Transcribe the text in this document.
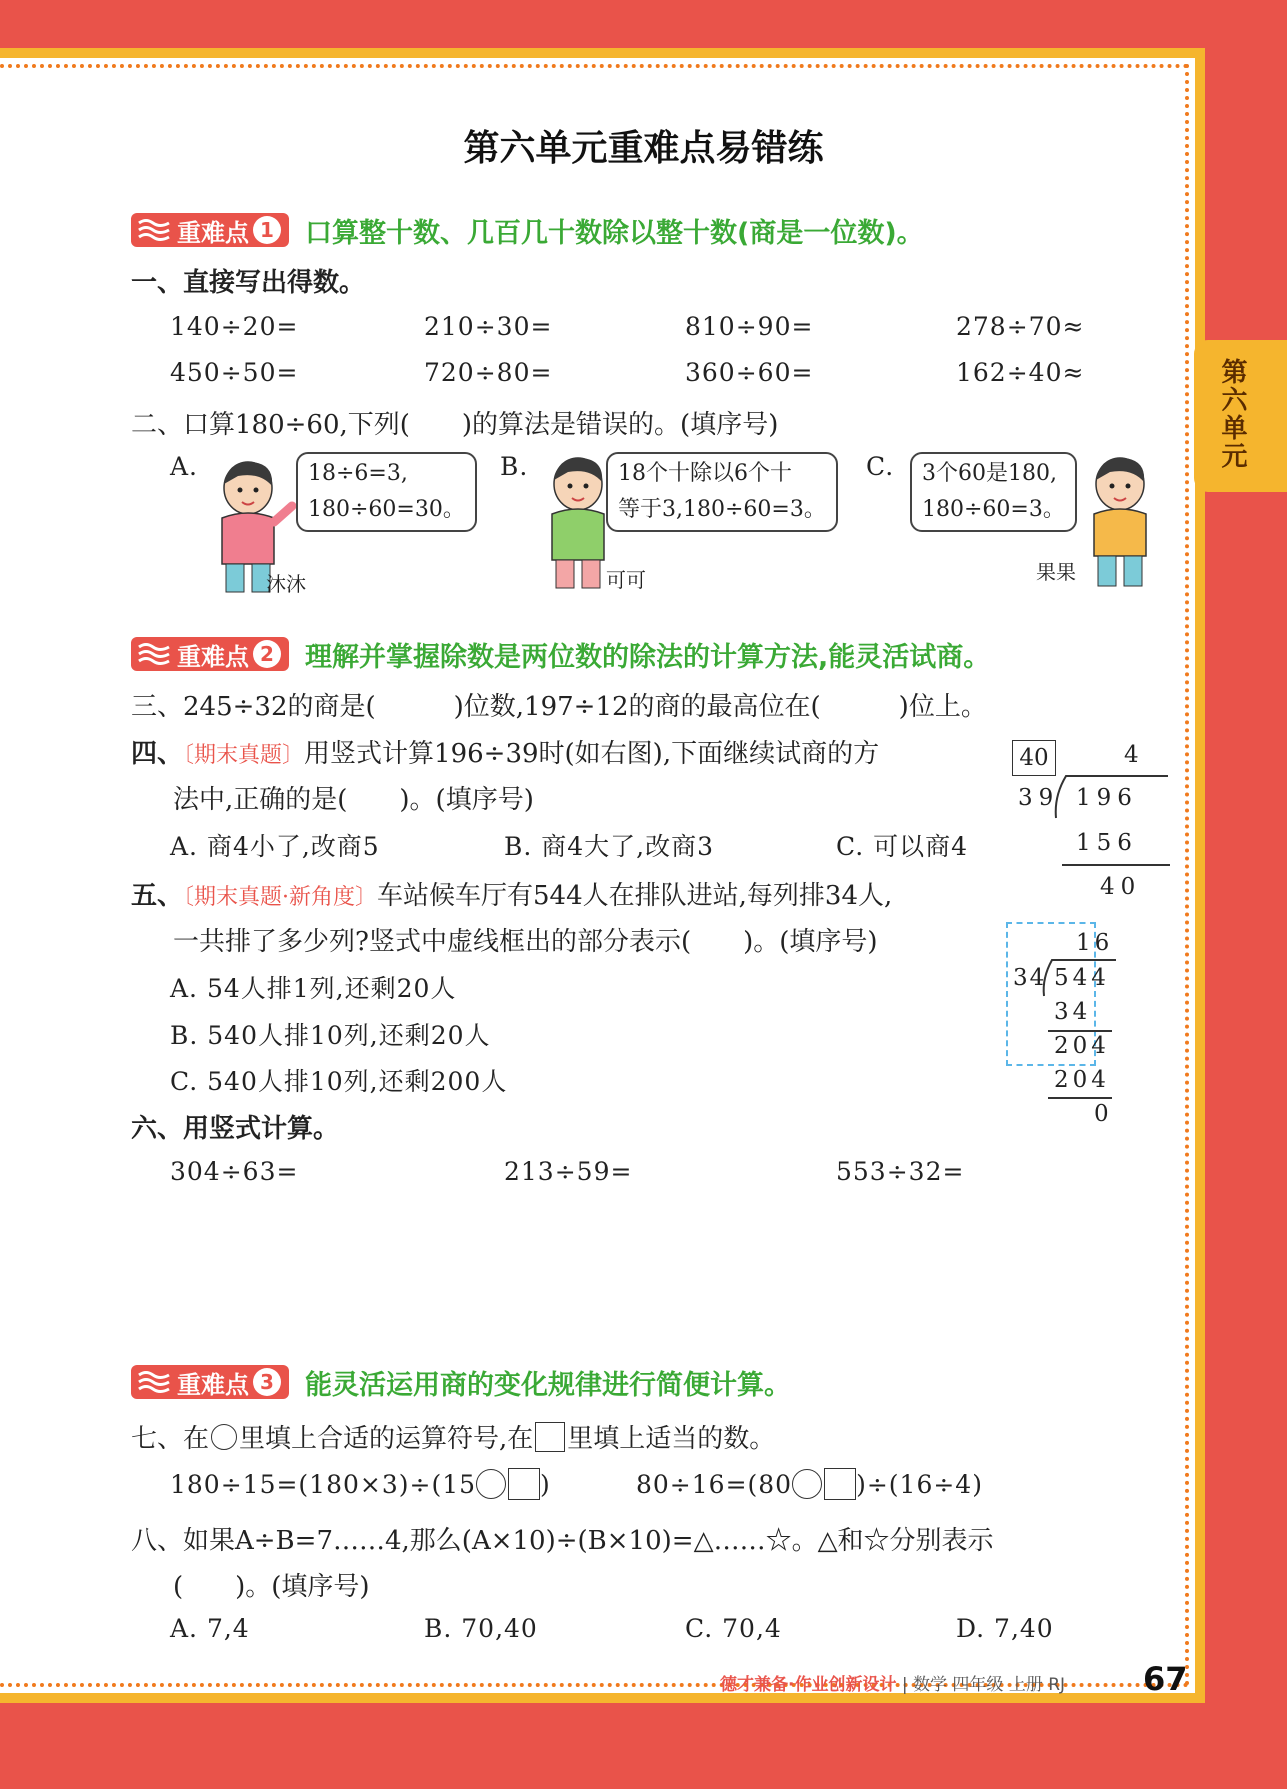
第六单元
第六单元重难点易错练
重难点 1 口算整十数、几百几十数除以整十数(商是一位数)。
一、直接写出得数。
140÷20=	210÷30=	810÷90=	278÷70≈
450÷50=	720÷80=	360÷60=	162÷40≈
二、口算180÷60,下列(　　)的算法是错误的。(填序号)
A.	18÷6=3,
180÷60=30。
沐沐
B.	18个十除以6个十
等于3,180÷60=3。
可可
C. 3个60是180,
180÷60=3。
果果
重难点 2 理解并掌握除数是两位数的除法的计算方法,能灵活试商。
三、245÷32的商是(　　　)位数,197÷12的商的最高位在(　　　)位上。
四、〔期末真题〕用竖式计算196÷39时(如右图),下面继续试商的方
法中,正确的是(　　)。(填序号)
A. 商4小了,改商5	B. 商4大了,改商3	C. 可以商4
40	4
39 196
156
40
五、〔期末真题·新角度〕车站候车厅有544人在排队进站,每列排34人,
一共排了多少列?竖式中虚线框出的部分表示(　　)。(填序号)
A. 54人排1列,还剩20人
B. 540人排10列,还剩20人
C. 540人排10列,还剩200人
16
34 544
34
204
204
0
六、用竖式计算。
304÷63=	213÷59=	553÷32=
重难点 3 能灵活运用商的变化规律进行简便计算。
七、在 里填上合适的运算符号,在 里填上适当的数。
180÷15=(180×3)÷(15	)	80÷16=(80	)÷(16÷4)
八、如果A÷B=7……4,那么(A×10)÷(B×10)=△……☆。△和☆分别表示
(　　)。(填序号)
A. 7,4	B. 70,40	C. 70,4	D. 7,40
德才兼备·作业创新设计 | 数学 四年级 上册 RJ 67
